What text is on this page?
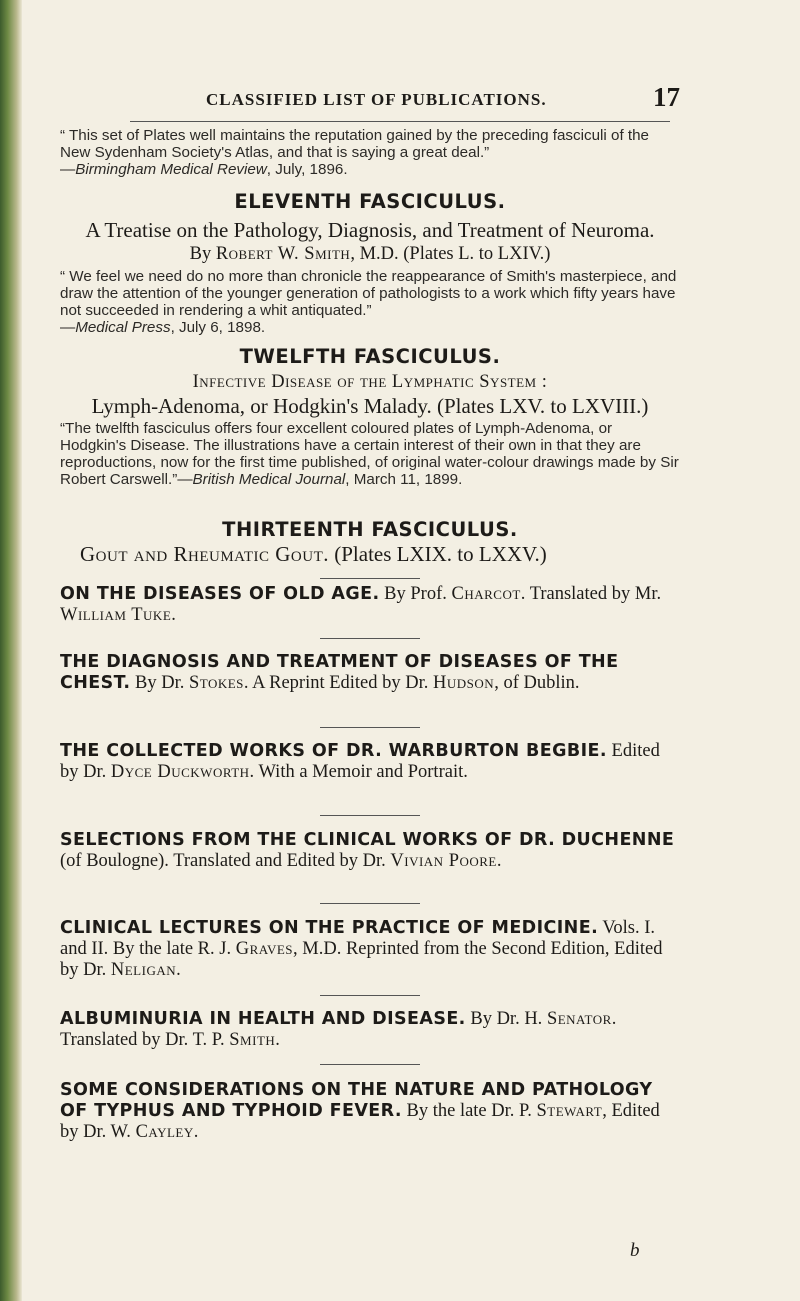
CLASSIFIED LIST OF PUBLICATIONS.	17
“ This set of Plates well maintains the reputation gained by the preceding fasciculi of the New Sydenham Society's Atlas, and that is saying a great deal.”
—Birmingham Medical Review, July, 1896.
ELEVENTH FASCICULUS.
A Treatise on the Pathology, Diagnosis, and Treatment of Neuroma.
By Robert W. Smith, M.D. (Plates L. to LXIV.)
“ We feel we need do no more than chronicle the reappearance of Smith's masterpiece, and draw the attention of the younger generation of pathologists to a work which fifty years have not succeeded in rendering a whit antiquated.”
—Medical Press, July 6, 1898.
TWELFTH FASCICULUS.
Infective Disease of the Lymphatic System :
Lymph-Adenoma, or Hodgkin's Malady. (Plates LXV. to LXVIII.)
“The twelfth fasciculus offers four excellent coloured plates of Lymph-Adenoma, or Hodgkin's Disease. The illustrations have a certain interest of their own in that they are reproductions, now for the first time published, of original water-colour drawings made by Sir Robert Carswell.”—British Medical Journal, March 11, 1899.
THIRTEENTH FASCICULUS.
Gout and Rheumatic Gout. (Plates LXIX. to LXXV.)
ON THE DISEASES OF OLD AGE. By Prof. Charcot. Translated by Mr. William Tuke.
THE DIAGNOSIS AND TREATMENT OF DISEASES OF THE CHEST. By Dr. Stokes. A Reprint Edited by Dr. Hudson, of Dublin.
THE COLLECTED WORKS OF DR. WARBURTON BEGBIE. Edited by Dr. Dyce Duckworth. With a Memoir and Portrait.
SELECTIONS FROM THE CLINICAL WORKS OF DR. DUCHENNE (of Boulogne). Translated and Edited by Dr. Vivian Poore.
CLINICAL LECTURES ON THE PRACTICE OF MEDICINE. Vols. I. and II. By the late R. J. Graves, M.D. Reprinted from the Second Edition, Edited by Dr. Neligan.
ALBUMINURIA IN HEALTH AND DISEASE. By Dr. H. Senator. Translated by Dr. T. P. Smith.
SOME CONSIDERATIONS ON THE NATURE AND PATHOLOGY OF TYPHUS AND TYPHOID FEVER. By the late Dr. P. Stewart, Edited by Dr. W. Cayley.
b
